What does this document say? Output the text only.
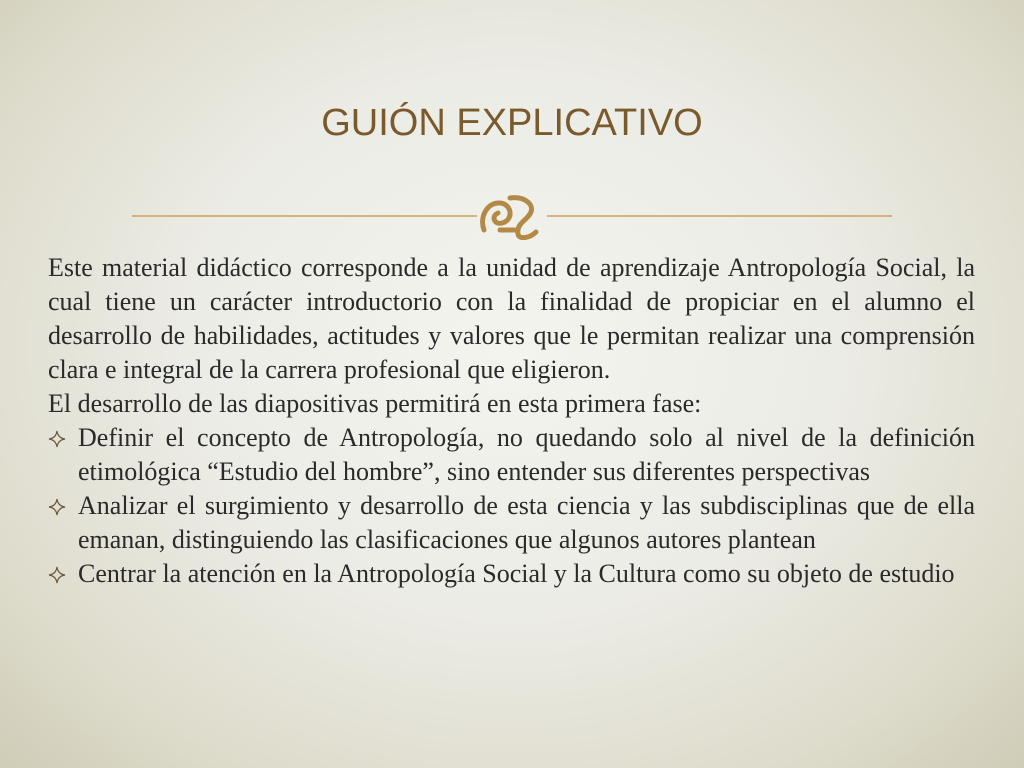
GUIÓN EXPLICATIVO

Este material didáctico corresponde a la unidad de aprendizaje Antropología Social, la cual tiene un carácter introductorio con la finalidad de propiciar en el alumno el desarrollo de habilidades, actitudes y valores que le permitan realizar una comprensión clara e integral de la carrera profesional que eligieron.

El desarrollo de las diapositivas permitirá en esta primera fase:

Definir el concepto de Antropología, no quedando solo al nivel de la definición etimológica “Estudio del hombre”, sino entender sus diferentes perspectivas
Analizar el surgimiento y desarrollo de esta ciencia y las subdisciplinas que de ella emanan, distinguiendo las clasificaciones que algunos autores plantean
Centrar la atención en la Antropología Social y la Cultura como su objeto de estudio
